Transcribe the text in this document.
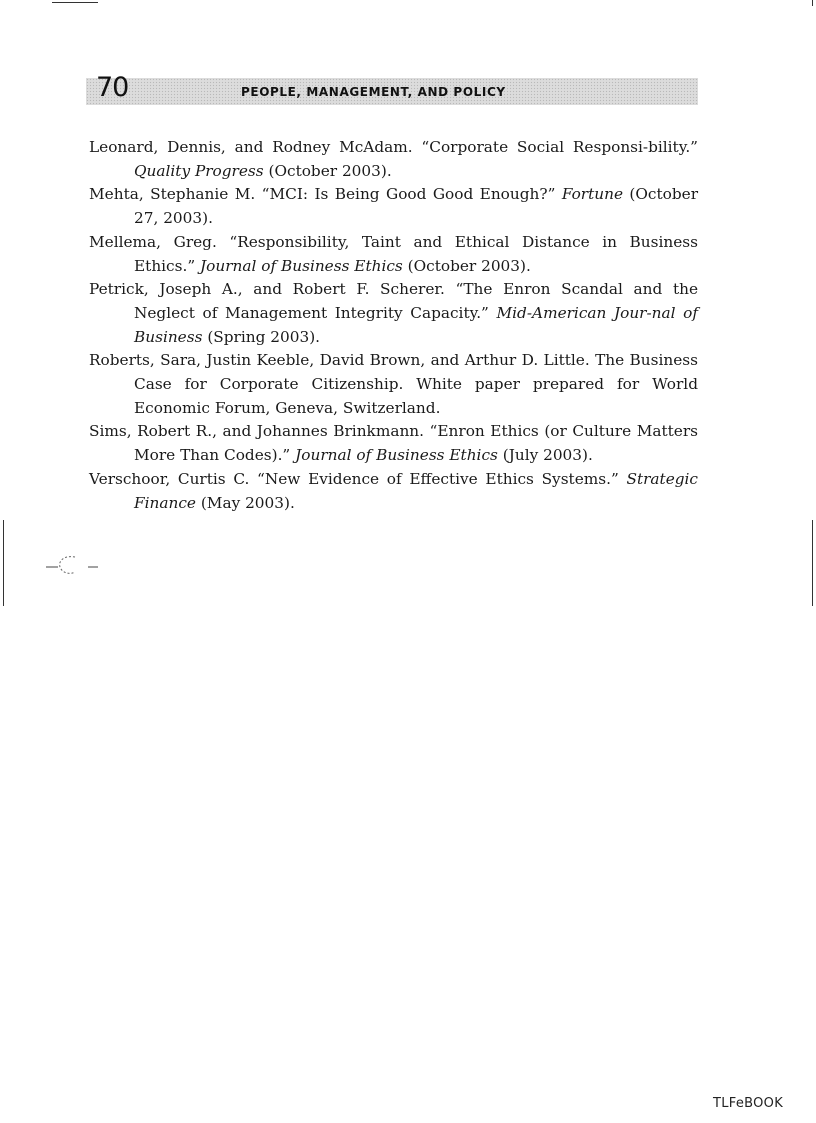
70	PEOPLE, MANAGEMENT, AND POLICY
Leonard, Dennis, and Rodney McAdam. “Corporate Social Responsi-bility.” Quality Progress (October 2003).
Mehta, Stephanie M. “MCI: Is Being Good Good Enough?” Fortune (October 27, 2003).
Mellema, Greg. “Responsibility, Taint and Ethical Distance in Business Ethics.” Journal of Business Ethics (October 2003).
Petrick, Joseph A., and Robert F. Scherer. “The Enron Scandal and the Neglect of Management Integrity Capacity.” Mid-American Jour-nal of Business (Spring 2003).
Roberts, Sara, Justin Keeble, David Brown, and Arthur D. Little. The Business Case for Corporate Citizenship. White paper prepared for World Economic Forum, Geneva, Switzerland.
Sims, Robert R., and Johannes Brinkmann. “Enron Ethics (or Culture Matters More Than Codes).” Journal of Business Ethics (July 2003).
Verschoor, Curtis C. “New Evidence of Effective Ethics Systems.” Strategic Finance (May 2003).
TLFeBOOK
